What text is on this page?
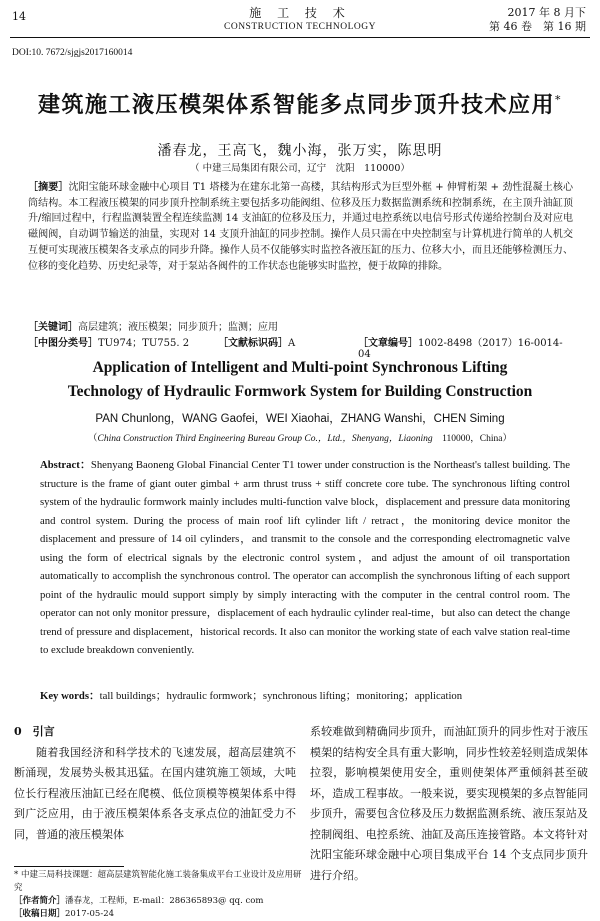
14	施 工 技 术
CONSTRUCTION TECHNOLOGY
2017 年 8 月下
第 46 卷　第 16 期
DOI:10. 7672/sjgjs2017160014
建筑施工液压模架体系智能多点同步顶升技术应用*
潘春龙，王高飞，魏小海，张万实，陈思明
（ 中建三局集团有限公司，辽宁　沈阳　110000）
［摘要］沈阳宝能环球金融中心项目 T1 塔楼为在建东北第一高楼，其结构形式为巨型外框 + 伸臂桁架 + 劲性混凝土核心筒结构。本工程液压模架的同步顶升控制系统主要包括多功能阀组、位移及压力数据监测系统和控制系统，在主顶升油缸顶升/缩回过程中，行程监测装置全程连续监测 14 支油缸的位移及压力，并通过电控系统以电信号形式传递给控制台及对应电磁阀阀，自动调节输送的油量，实现对 14 支顶升油缸的同步控制。操作人员只需在中央控制室与计算机进行简单的人机交互便可实现液压模架各支承点的同步升降。操作人员不仅能够实时监控各液压缸的压力、位移大小，而且还能够检测压力、位移的变化趋势、历史纪录等，对于泵站各阀件的工作状态也能够实时监控，便于故障的排除。
［关键词］高层建筑；液压模架；同步顶升；监测；应用
［中图分类号］TU974；TU755. 2	［文献标识码］A	［文章编号］1002-8498（2017）16-0014-04
Application of Intelligent and Multi-point Synchronous Lifting
Technology of Hydraulic Formwork System for Building Construction
PAN Chunlong，WANG Gaofei，WEI Xiaohai，ZHANG Wanshi，CHEN Siming
（China Construction Third Engineering Bureau Group Co.，Ltd.，Shenyang，Liaoning　 110000，China）
Abstract：Shenyang Baoneng Global Financial Center T1 tower under construction is the Northeast's tallest building. The structure is the frame of giant outer gimbal + arm thrust truss + stiff concrete core tube. The synchronous lifting control system of the hydraulic formwork mainly includes multi-function valve block，displacement and pressure data monitoring and control system. During the process of main roof lift cylinder lift / retract，the monitoring device monitor the displacement and pressure of 14 oil cylinders，and transmit to the console and the corresponding electromagnetic valve using the form of electrical signals by the electronic control system，and adjust the amount of oil transportation automatically to accomplish the synchronous control. The operator can accomplish the synchronous lifting of each support point of the hydraulic mould support simply by simply interacting with the computer in the central control room. The operator can not only monitor pressure，displacement of each hydraulic cylinder real-time，but also can detect the change trend of pressure and displacement，historical records. It also can monitor the working state of each valve station real-time to exclude breakdown conveniently.
Key words：tall buildings；hydraulic formwork；synchronous lifting；monitoring；application
0　引言
随着我国经济和科学技术的飞速发展，超高层建筑不断涌现，发展势头极其迅猛。在国内建筑施工领域，大吨位长行程液压油缸已经在爬模、低位顶模等模架体系中得到广泛应用，由于液压模架体系各支承点位的油缸受力不同，普通的液压模架体
系较难做到精确同步顶升，而油缸顶升的同步性对于液压模架的结构安全具有重大影响，同步性较差轻则造成架体拉裂，影响模架使用安全，重则使架体严重倾斜甚至破坏，造成工程事故。一般来说，要实现模架的多点智能同步顶升，需要包含位移及压力数据监测系统、液压泵站及控制阀组、电控系统、油缸及高压连接管路。本文将针对沈阳宝能环球金融中心项目集成平台 14 个支点同步顶升进行介绍。
* 中建三局科技课题：超高层建筑智能化施工装备集成平台工业设计及应用研究
［作者简介］潘春龙，工程师，E-mail：286365893@ qq. com
［收稿日期］2017-05-24
